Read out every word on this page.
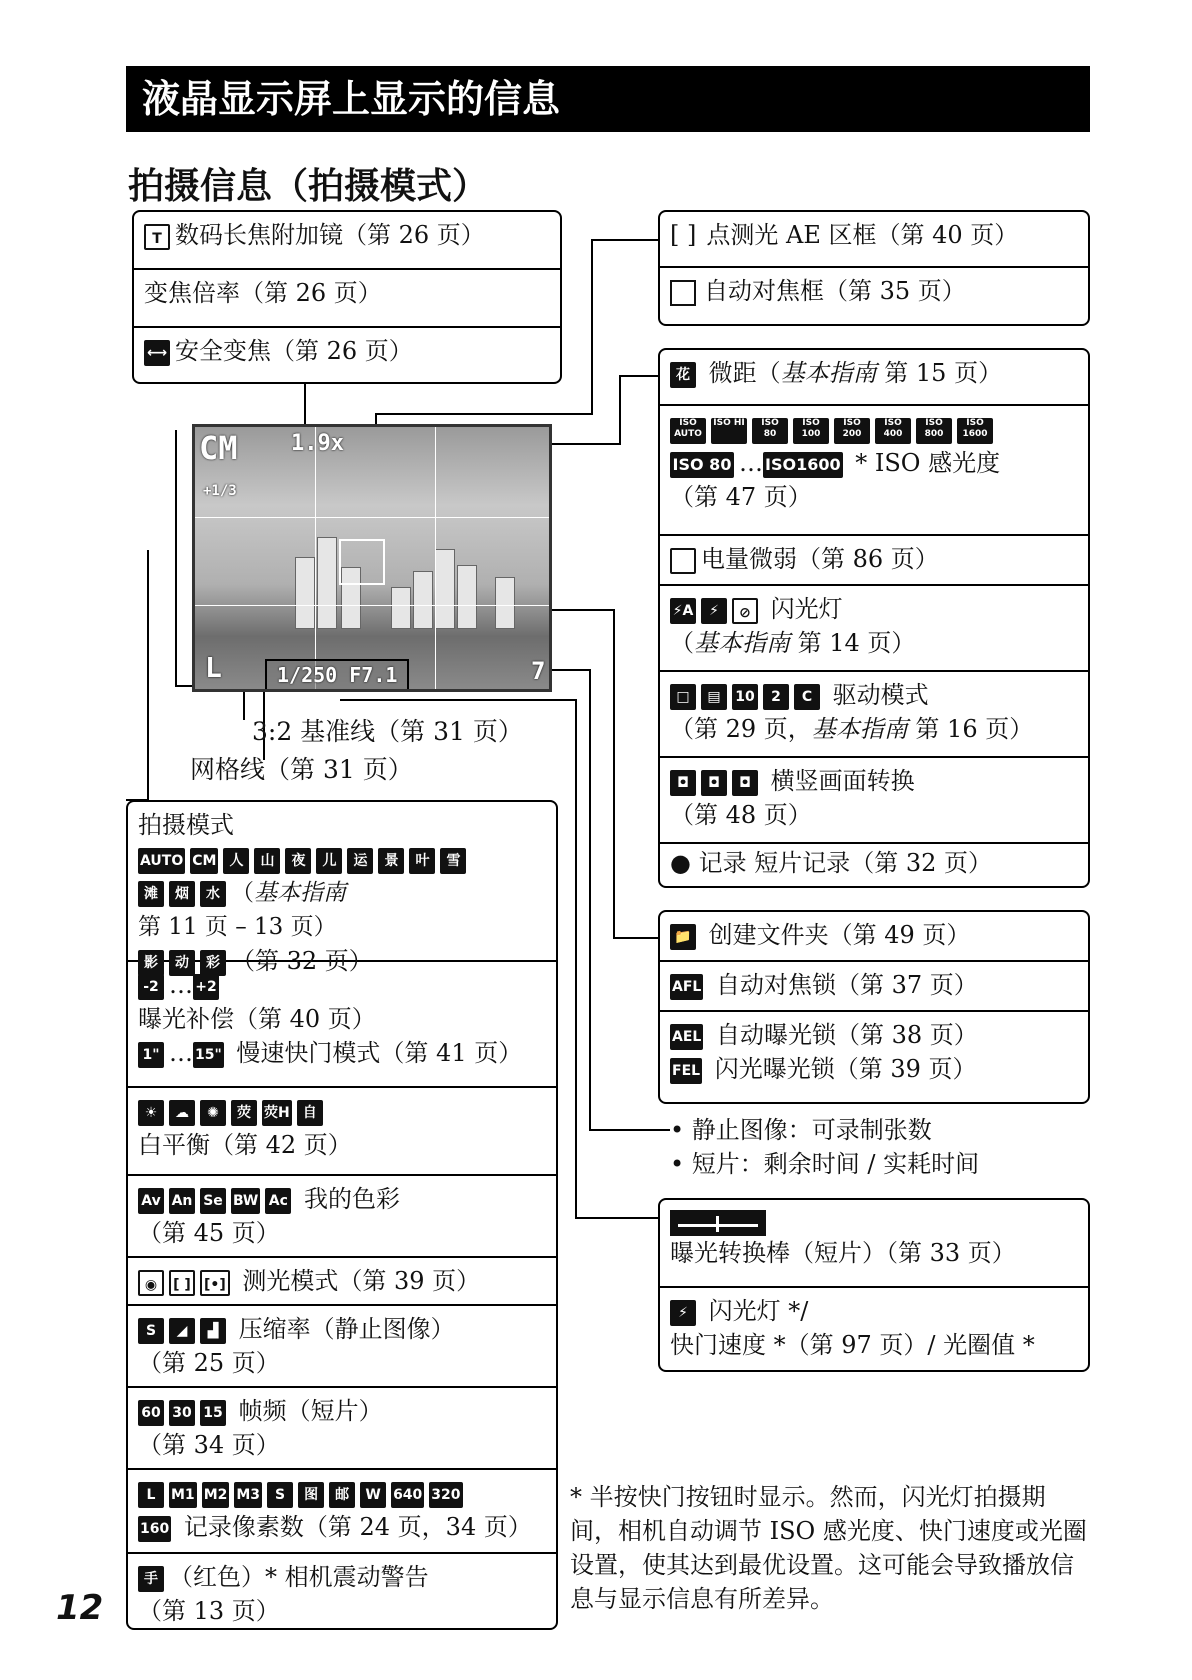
液晶显示屏上显示的信息
拍摄信息（拍摄模式）
T 数码长焦附加镜（第 26 页）
变焦倍率（第 26 页）
⟷ 安全变焦（第 26 页）
CM 1.9x
+1/3
L	1/250 F7.1	7
3:2 基准线（第 31 页）
网格线（第 31 页）
拍摄模式
AUTO CM 人 山 夜 儿 运 景 叶 雪
滩 烟 水 （基本指南 第 11 页 – 13 页）
影 动 彩 （第 32 页）
-2 … +2
曝光补偿（第 40 页）
1" … 15" 慢速快门模式（第 41 页）
☀ ☁ ✺ 荧 荧H 自
白平衡（第 42 页）
Av An Se BW Ac 我的色彩
（第 45 页）
◉ [ ] [•] 测光模式（第 39 页）
S ◢ ▟ 压缩率（静止图像）
（第 25 页）
60 30 15 帧频（短片）
（第 34 页）
L M1 M2 M3 S 图 邮 W 640 320
160 记录像素数（第 24 页，34 页）
手 （红色）* 相机震动警告
（第 13 页）
[ ] 点测光 AE 区框（第 40 页）
自动对焦框（第 35 页）
花 微距（基本指南 第 15 页）
ISO AUTOISO HI ISO 80ISO 100ISO 200ISO 400ISO 800ISO 1600
ISO 80 … ISO1600 * ISO 感光度
（第 47 页）
电量微弱（第 86 页）
⚡A ⚡ ⊘ 闪光灯
（基本指南 第 14 页）
□ ▤ 10 2 C 驱动模式
（第 29 页，基本指南 第 16 页）
◘ ◘ ◘ 横竖画面转换
（第 48 页）
● 记录 短片记录（第 32 页）
📁 创建文件夹（第 49 页）
AFL 自动对焦锁（第 37 页）
AEL 自动曝光锁（第 38 页）
FEL 闪光曝光锁（第 39 页）
• 静止图像：可录制张数
• 短片：剩余时间 / 实耗时间
曝光转换棒（短片）（第 33 页）
⚡ 闪光灯 */
快门速度 *（第 97 页）/ 光圈值 *
* 半按快门按钮时显示。然而，闪光灯拍摄期间，相机自动调节 ISO 感光度、快门速度或光圈设置，使其达到最优设置。这可能会导致播放信息与显示信息有所差异。
12
